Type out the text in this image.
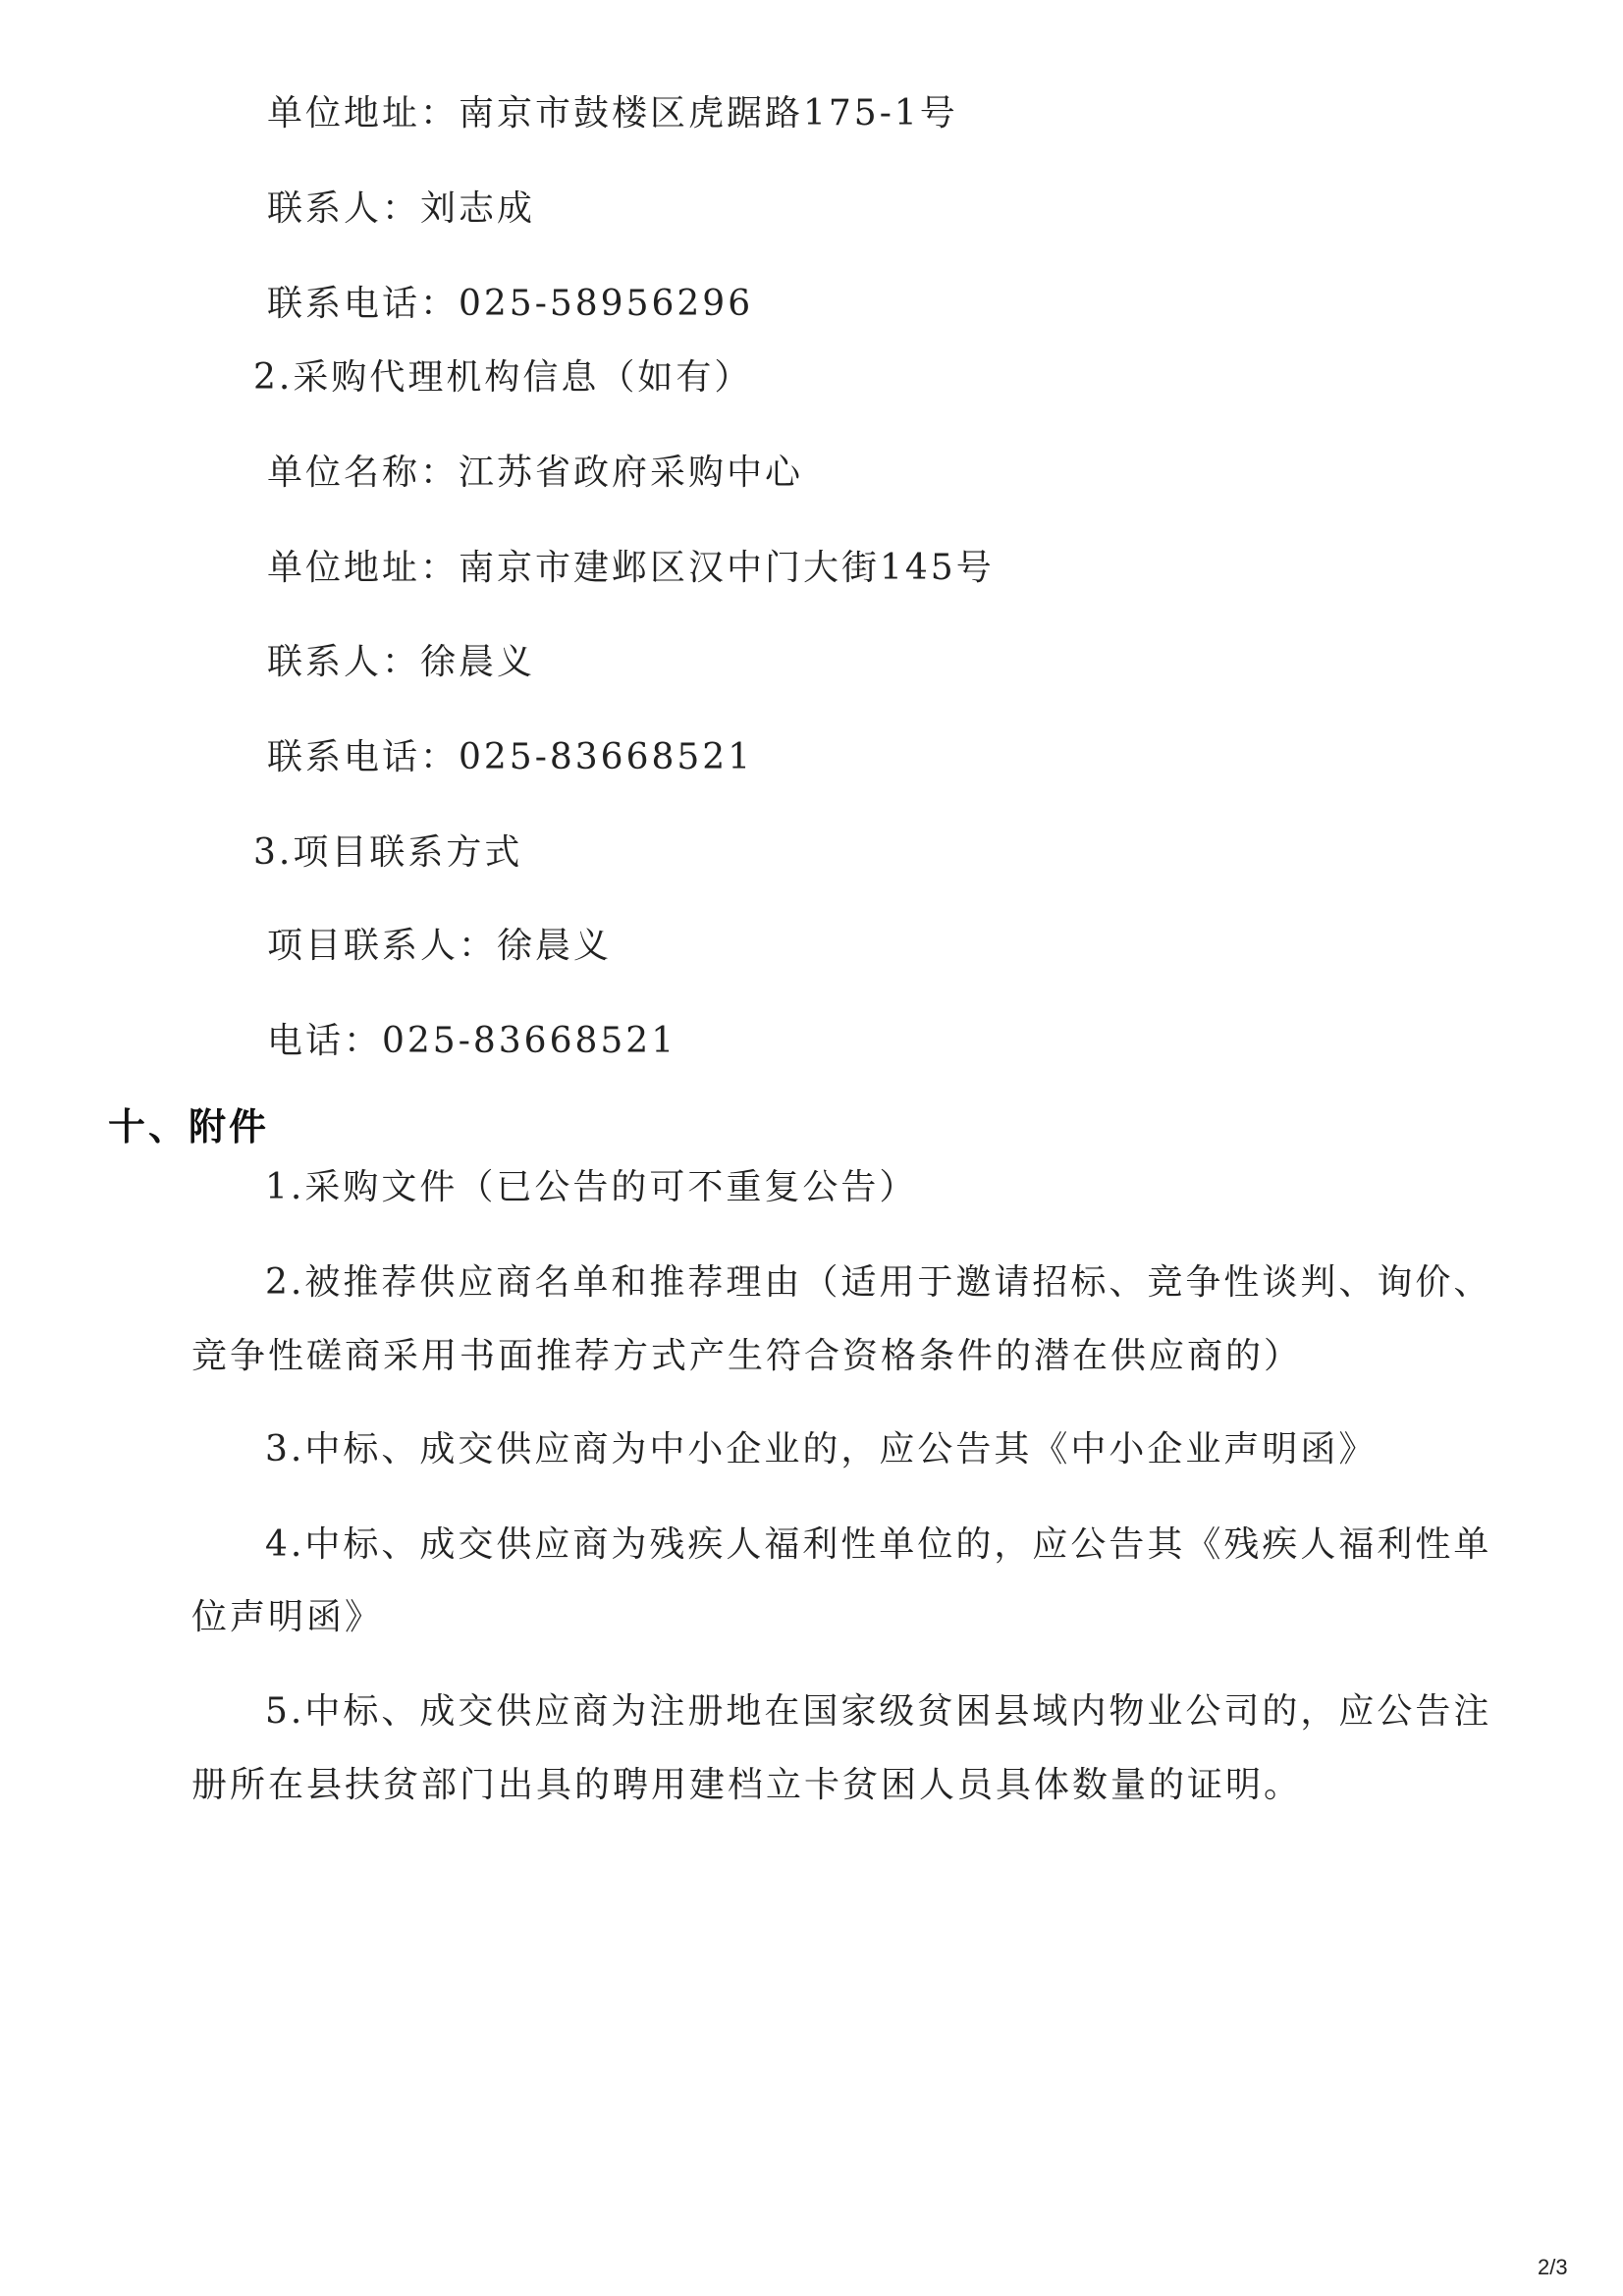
单位地址：南京市鼓楼区虎踞路175-1号
联系人：刘志成
联系电话：025-58956296
2.采购代理机构信息（如有）
单位名称：江苏省政府采购中心
单位地址：南京市建邺区汉中门大街145号
联系人：徐晨义
联系电话：025-83668521
3.项目联系方式
项目联系人：徐晨义
电话：025-83668521
十、附件
1.采购文件（已公告的可不重复公告）
2.被推荐供应商名单和推荐理由（适用于邀请招标、竞争性谈判、询价、
竞争性磋商采用书面推荐方式产生符合资格条件的潜在供应商的）
3.中标、成交供应商为中小企业的，应公告其《中小企业声明函》
4.中标、成交供应商为残疾人福利性单位的，应公告其《残疾人福利性单
位声明函》
5.中标、成交供应商为注册地在国家级贫困县域内物业公司的，应公告注
册所在县扶贫部门出具的聘用建档立卡贫困人员具体数量的证明。
2/3
